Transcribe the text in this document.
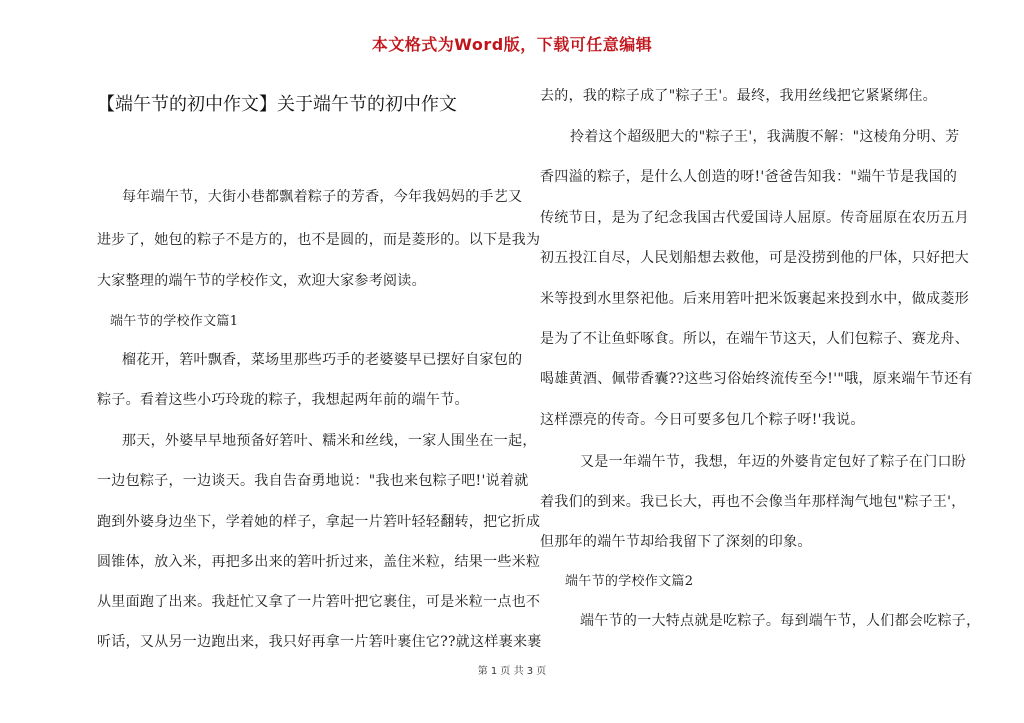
本文格式为Word版，下载可任意编辑
【端午节的初中作文】关于端午节的初中作文
每年端午节，大街小巷都飘着粽子的芳香，今年我妈妈的手艺又
进步了，她包的粽子不是方的，也不是圆的，而是菱形的。以下是我为
大家整理的端午节的学校作文，欢迎大家参考阅读。
端午节的学校作文篇1
榴花开，箬叶飘香，菜场里那些巧手的老婆婆早已摆好自家包的
粽子。看着这些小巧玲珑的粽子，我想起两年前的端午节。
那天，外婆早早地预备好箬叶、糯米和丝线，一家人围坐在一起，
一边包粽子，一边谈天。我自告奋勇地说："我也来包粽子吧!'说着就
跑到外婆身边坐下，学着她的样子，拿起一片箬叶轻轻翻转，把它折成
圆锥体，放入米，再把多出来的箬叶折过来，盖住米粒，结果一些米粒
从里面跑了出来。我赶忙又拿了一片箬叶把它裹住，可是米粒一点也不
听话，又从另一边跑出来，我只好再拿一片箬叶裹住它??就这样裹来裹
去的，我的粽子成了"粽子王'。最终，我用丝线把它紧紧绑住。
拎着这个超级肥大的"粽子王'，我满腹不解："这棱角分明、芳
香四溢的粽子，是什么人创造的呀!'爸爸告知我："端午节是我国的
传统节日，是为了纪念我国古代爱国诗人屈原。传奇屈原在农历五月
初五投江自尽，人民划船想去救他，可是没捞到他的尸体，只好把大
米等投到水里祭祀他。后来用箬叶把米饭裹起来投到水中，做成菱形
是为了不让鱼虾啄食。所以，在端午节这天，人们包粽子、赛龙舟、
喝雄黄酒、佩带香囊??这些习俗始终流传至今!'"哦，原来端午节还有
这样漂亮的传奇。今日可要多包几个粽子呀!'我说。
又是一年端午节，我想，年迈的外婆肯定包好了粽子在门口盼
着我们的到来。我已长大，再也不会像当年那样淘气地包"粽子王'，
但那年的端午节却给我留下了深刻的印象。
端午节的学校作文篇2
端午节的一大特点就是吃粽子。每到端午节，人们都会吃粽子，
第 1 页 共 3 页
